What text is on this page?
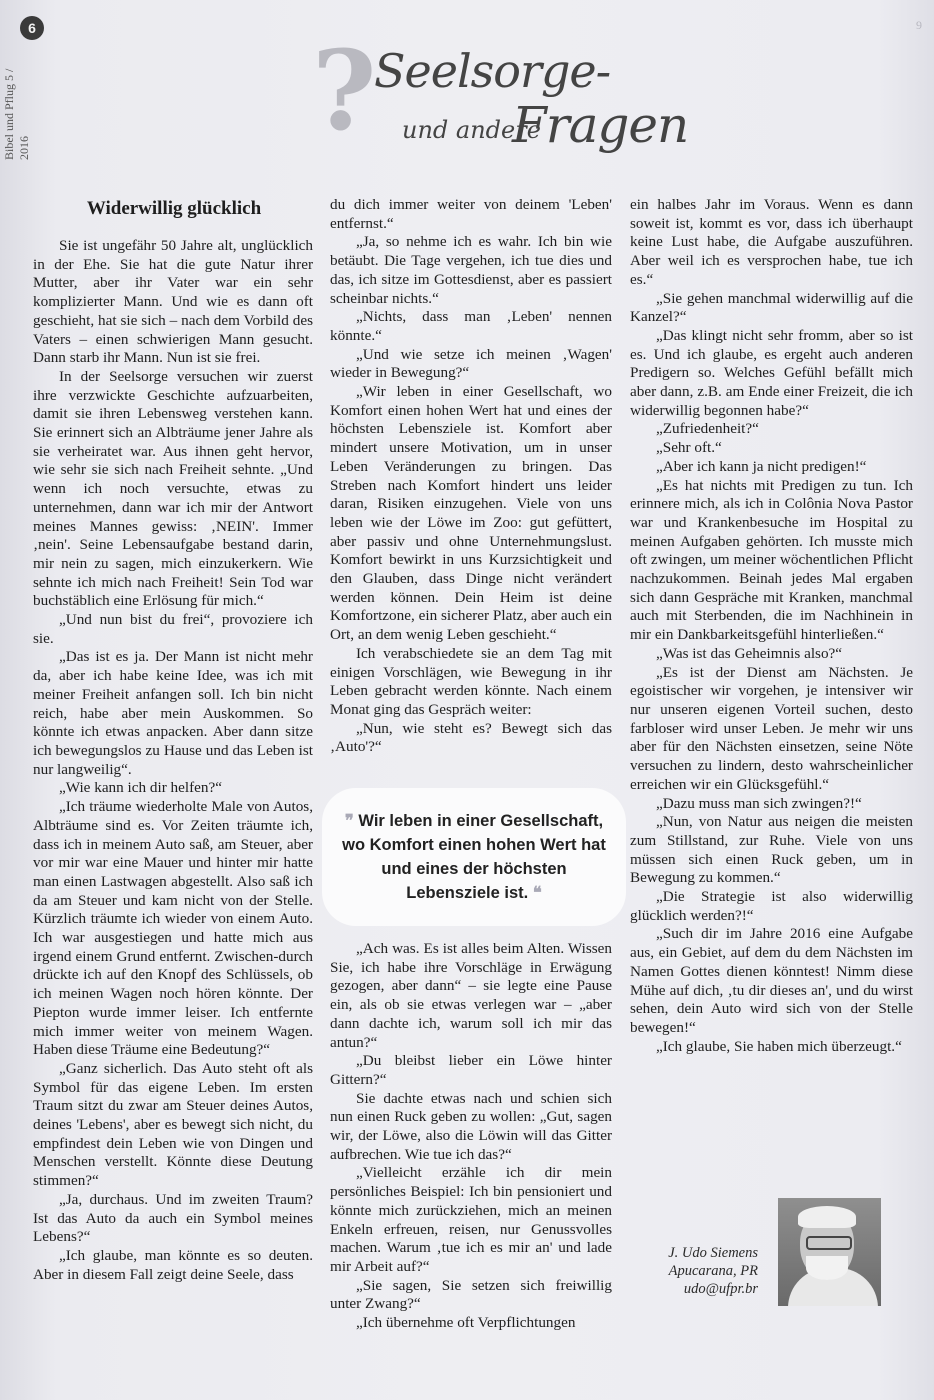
6	9
Bibel und Pflug 5 / 2016	?
Seelsorge-
und andere
Fragen
Widerwillig glücklich

Sie ist ungefähr 50 Jahre alt, unglücklich in der Ehe. Sie hat die gute Natur ihrer Mutter, aber ihr Vater war ein sehr komplizierter Mann. Und wie es dann oft geschieht, hat sie sich – nach dem Vorbild des Vaters – einen schwierigen Mann gesucht. Dann starb ihr Mann. Nun ist sie frei.

In der Seelsorge versuchen wir zuerst ihre verzwickte Geschichte aufzuarbeiten, damit sie ihren Lebensweg verstehen kann. Sie erinnert sich an Albträume jener Jahre als sie verheiratet war. Aus ihnen geht hervor, wie sehr sie sich nach Freiheit sehnte. „Und wenn ich noch versuchte, etwas zu unternehmen, dann war ich mir der Antwort meines Mannes gewiss: ‚NEIN'. Immer ‚nein'. Seine Lebensaufgabe bestand darin, mir nein zu sagen, mich einzukerkern. Wie sehnte ich mich nach Freiheit! Sein Tod war buchstäblich eine Erlösung für mich.“

„Und nun bist du frei“, provoziere ich sie.

„Das ist es ja. Der Mann ist nicht mehr da, aber ich habe keine Idee, was ich mit meiner Freiheit anfangen soll. Ich bin nicht reich, habe aber mein Auskommen. So könnte ich etwas anpacken. Aber dann sitze ich bewegungslos zu Hause und das Leben ist nur langweilig“.

„Wie kann ich dir helfen?“

„Ich träume wiederholte Male von Autos, Albträume sind es. Vor Zeiten träumte ich, dass ich in meinem Auto saß, am Steuer, aber vor mir war eine Mauer und hinter mir hatte man einen Lastwagen abgestellt. Also saß ich da am Steuer und kam nicht von der Stelle. Kürzlich träumte ich wieder von einem Auto. Ich war ausgestiegen und hatte mich aus irgend einem Grund entfernt. Zwischen-durch drückte ich auf den Knopf des Schlüssels, ob ich meinen Wagen noch hören könnte. Der Piepton wurde immer leiser. Ich entfernte mich immer weiter von meinem Wagen. Haben diese Träume eine Bedeutung?“

„Ganz sicherlich. Das Auto steht oft als Symbol für das eigene Leben. Im ersten Traum sitzt du zwar am Steuer deines Autos, deines 'Lebens', aber es bewegt sich nicht, du empfindest dein Leben wie von Dingen und Menschen verstellt. Könnte diese Deutung stimmen?“

„Ja, durchaus. Und im zweiten Traum? Ist das Auto da auch ein Symbol meines Lebens?“

„Ich glaube, man könnte es so deuten. Aber in diesem Fall zeigt deine Seele, dass

du dich immer weiter von deinem 'Leben' entfernst.“

„Ja, so nehme ich es wahr. Ich bin wie betäubt. Die Tage vergehen, ich tue dies und das, ich sitze im Gottesdienst, aber es passiert scheinbar nichts.“

„Nichts, dass man ‚Leben' nennen könnte.“

„Und wie setze ich meinen ‚Wagen' wieder in Bewegung?“

„Wir leben in einer Gesellschaft, wo Komfort einen hohen Wert hat und eines der höchsten Lebensziele ist. Komfort aber mindert unsere Motivation, um in unser Leben Veränderungen zu bringen. Das Streben nach Komfort hindert uns leider daran, Risiken einzugehen. Viele von uns leben wie der Löwe im Zoo: gut gefüttert, aber passiv und ohne Unternehmungslust. Komfort bewirkt in uns Kurzsichtigkeit und den Glauben, dass Dinge nicht verändert werden können. Dein Heim ist deine Komfortzone, ein sicherer Platz, aber auch ein Ort, an dem wenig Leben geschieht.“

Ich verabschiedete sie an dem Tag mit einigen Vorschlägen, wie Bewegung in ihr Leben gebracht werden könnte. Nach einem Monat ging das Gespräch weiter:

„Nun, wie steht es? Bewegt sich das ‚Auto'?“

❞ Wir leben in einer Gesellschaft, wo Komfort einen hohen Wert hat und eines der höchsten Lebensziele ist. ❝

„Ach was. Es ist alles beim Alten. Wissen Sie, ich habe ihre Vorschläge in Erwägung gezogen, aber dann“ – sie legte eine Pause ein, als ob sie etwas verlegen war – „aber dann dachte ich, warum soll ich mir das antun?“

„Du bleibst lieber ein Löwe hinter Gittern?“

Sie dachte etwas nach und schien sich nun einen Ruck geben zu wollen: „Gut, sagen wir, der Löwe, also die Löwin will das Gitter aufbrechen. Wie tue ich das?“

„Vielleicht erzähle ich dir mein persönliches Beispiel: Ich bin pensioniert und könnte mich zurückziehen, mich an meinen Enkeln erfreuen, reisen, nur Genussvolles machen. Warum ‚tue ich es mir an' und lade mir Arbeit auf?“

„Sie sagen, Sie setzen sich freiwillig unter Zwang?“

„Ich übernehme oft Verpflichtungen

ein halbes Jahr im Voraus. Wenn es dann soweit ist, kommt es vor, dass ich überhaupt keine Lust habe, die Aufgabe auszuführen. Aber weil ich es versprochen habe, tue ich es.“

„Sie gehen manchmal widerwillig auf die Kanzel?“

„Das klingt nicht sehr fromm, aber so ist es. Und ich glaube, es ergeht auch anderen Predigern so. Welches Gefühl befällt mich aber dann, z.B. am Ende einer Freizeit, die ich widerwillig begonnen habe?“

„Zufriedenheit?“

„Sehr oft.“

„Aber ich kann ja nicht predigen!“

„Es hat nichts mit Predigen zu tun. Ich erinnere mich, als ich in Colônia Nova Pastor war und Krankenbesuche im Hospital zu meinen Aufgaben gehörten. Ich musste mich oft zwingen, um meiner wöchentlichen Pflicht nachzukommen. Beinah jedes Mal ergaben sich dann Gespräche mit Kranken, manchmal auch mit Sterbenden, die im Nachhinein in mir ein Dankbarkeitsgefühl hinterließen.“

„Was ist das Geheimnis also?“

„Es ist der Dienst am Nächsten. Je egoistischer wir vorgehen, je intensiver wir nur unseren eigenen Vorteil suchen, desto farbloser wird unser Leben. Je mehr wir uns aber für den Nächsten einsetzen, seine Nöte versuchen zu lindern, desto wahrscheinlicher erreichen wir ein Glücksgefühl.“

„Dazu muss man sich zwingen?!“

„Nun, von Natur aus neigen die meisten zum Stillstand, zur Ruhe. Viele von uns müssen sich einen Ruck geben, um in Bewegung zu kommen.“

„Die Strategie ist also widerwillig glücklich werden?!“

„Such dir im Jahre 2016 eine Aufgabe aus, ein Gebiet, auf dem du dem Nächsten im Namen Gottes dienen könntest! Nimm diese Mühe auf dich, ‚tu dir dieses an', und du wirst sehen, dein Auto wird sich von der Stelle bewegen!“

„Ich glaube, Sie haben mich überzeugt.“

J. Udo Siemens
Apucarana, PR
udo@ufpr.br
